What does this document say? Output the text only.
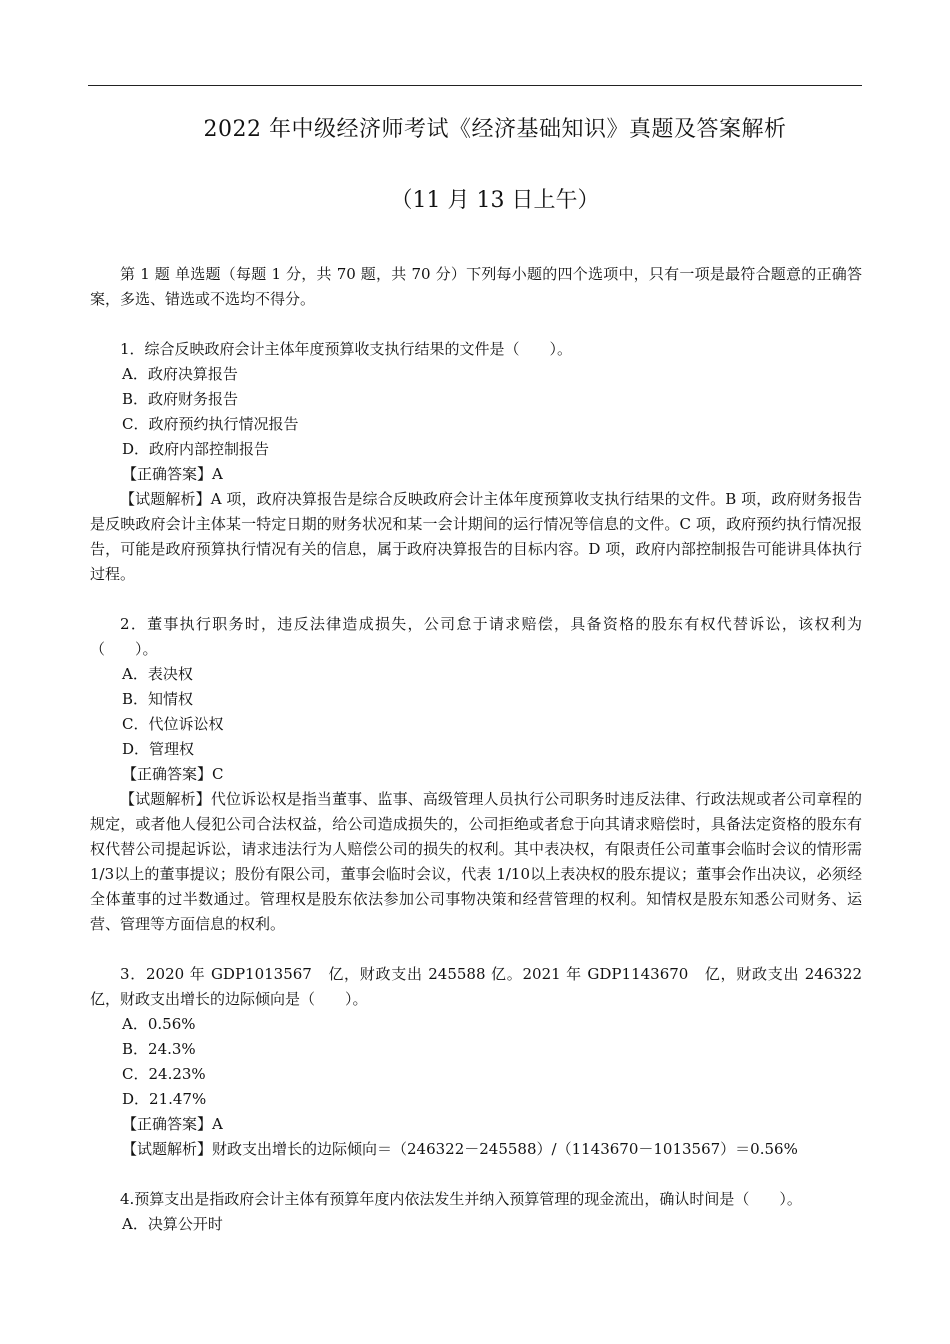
2022 年中级经济师考试《经济基础知识》真题及答案解析
（11 月 13 日上午）

第 1 题 单选题（每题 1 分，共 70 题，共 70 分）下列每小题的四个选项中，只有一项是最符合题意的正确答案，多选、错选或不选均不得分。

1．综合反映政府会计主体年度预算收支执行结果的文件是（　　）。

A．政府决算报告

B．政府财务报告

C．政府预约执行情况报告

D．政府内部控制报告

【正确答案】A

【试题解析】A 项，政府决算报告是综合反映政府会计主体年度预算收支执行结果的文件。B 项，政府财务报告是反映政府会计主体某一特定日期的财务状况和某一会计期间的运行情况等信息的文件。C 项，政府预约执行情况报告，可能是政府预算执行情况有关的信息，属于政府决算报告的目标内容。D 项，政府内部控制报告可能讲具体执行过程。

2．董事执行职务时，违反法律造成损失，公司怠于请求赔偿，具备资格的股东有权代替诉讼，该权利为（　　）。

A．表决权

B．知情权

C．代位诉讼权

D．管理权

【正确答案】C

【试题解析】代位诉讼权是指当董事、监事、高级管理人员执行公司职务时违反法律、行政法规或者公司章程的规定，或者他人侵犯公司合法权益，给公司造成损失的，公司拒绝或者怠于向其请求赔偿时，具备法定资格的股东有权代替公司提起诉讼，请求违法行为人赔偿公司的损失的权利。其中表决权，有限责任公司董事会临时会议的情形需 1/3以上的董事提议；股份有限公司，董事会临时会议，代表 1/10以上表决权的股东提议；董事会作出决议，必须经全体董事的过半数通过。管理权是股东依法参加公司事物决策和经营管理的权利。知情权是股东知悉公司财务、运营、管理等方面信息的权利。

3．2020 年 GDP1013567　亿，财政支出 245588 亿。2021 年 GDP1143670　亿，财政支出 246322 亿，财政支出增长的边际倾向是（　　）。

A．0.56%

B．24.3%

C．24.23%

D．21.47%

【正确答案】A

【试题解析】财政支出增长的边际倾向＝（246322－245588）/（1143670－1013567）＝0.56%

4.预算支出是指政府会计主体有预算年度内依法发生并纳入预算管理的现金流出，确认时间是（　　）。

A．决算公开时
